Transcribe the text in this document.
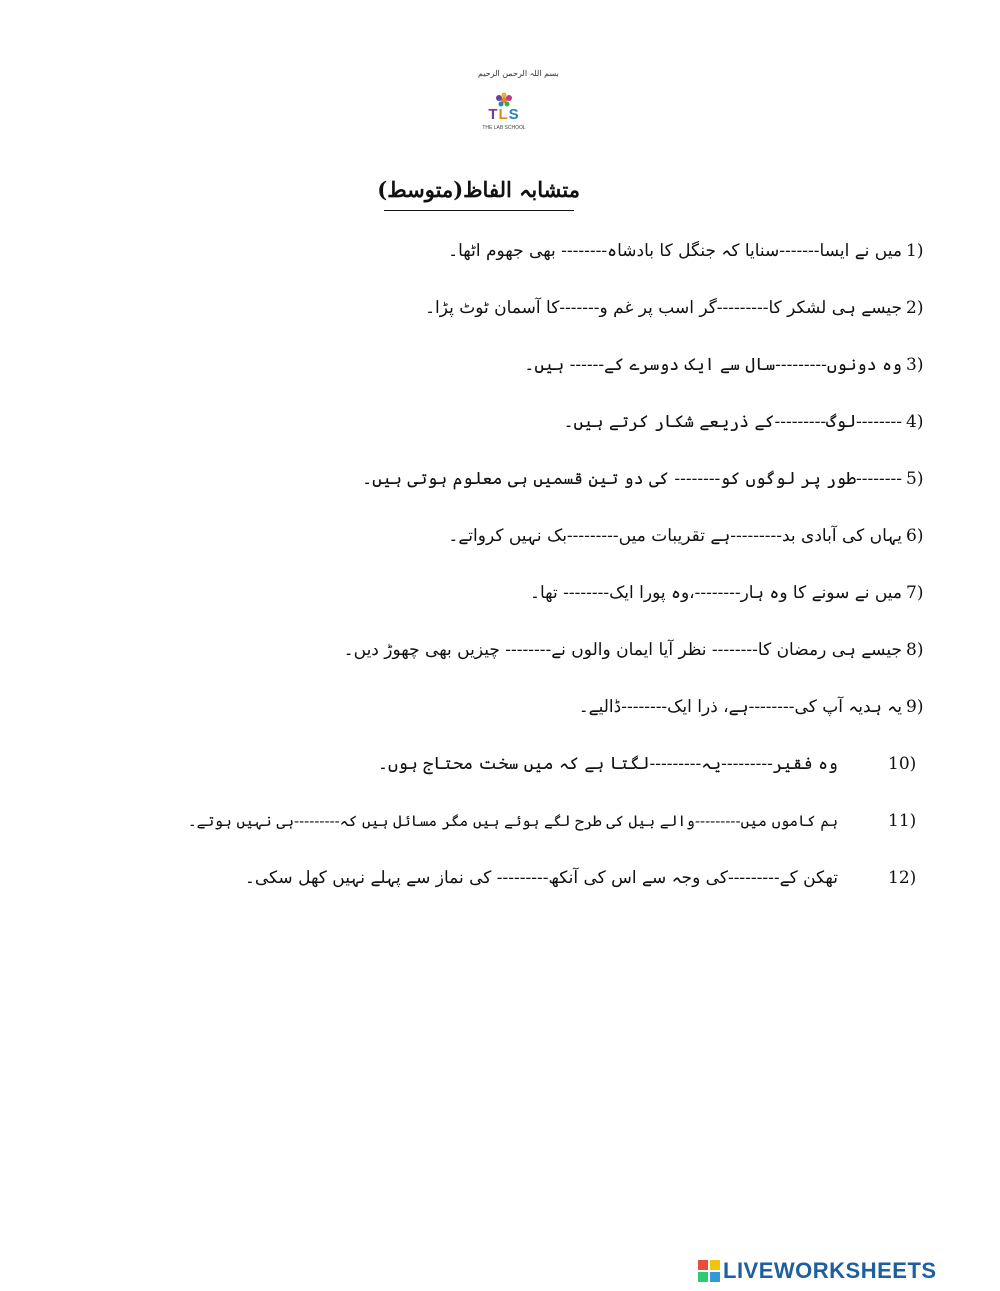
بسم اللہ الرحمن الرحیم
TLS
THE LAB SCHOOL
متشابہ الفاظ(متوسط)
میں نے ایسا-------سنایا کہ جنگل کا بادشاہ-------- بھی جھوم اٹھا۔ 1)
جیسے ہی لشکر کا---------گر اسب پر غم و-------کا آسمان ٹوٹ پڑا۔ 2)
وہ دونوں---------سال سے ایک دوسرے کے------ ہیں۔ 3)
--------لوگ---------کے ذریعے شکار کرتے ہیں۔ 4)
--------طور پر لوگوں کو-------- کی دو تین قسمیں ہی معلوم ہوتی ہیں۔ 5)
یہاں کی آبادی بد---------ہے تقریبات میں---------بک نہیں کرواتے۔ 6)
میں نے سونے کا وہ ہار--------،وہ پورا ایک-------- تھا۔ 7)
جیسے ہی رمضان کا-------- نظر آیا ایمان والوں نے-------- چیزیں بھی چھوڑ دیں۔ 8)
یہ ہدیہ آپ کی--------ہے، ذرا ایک--------ڈالیے۔ 9)
وہ فقیر---------یہ---------لگتا ہے کہ میں سخت محتاج ہوں۔	10)
ہم کاموں میں---------والے بیل کی طرح لگے ہوئے ہیں مگر مسائل ہیں کہ---------ہی نہیں ہوتے۔	11)
تھکن کے---------کی وجہ سے اس کی آنکھ--------- کی نماز سے پہلے نہیں کھل سکی۔	12)
LIVEWORKSHEETS
